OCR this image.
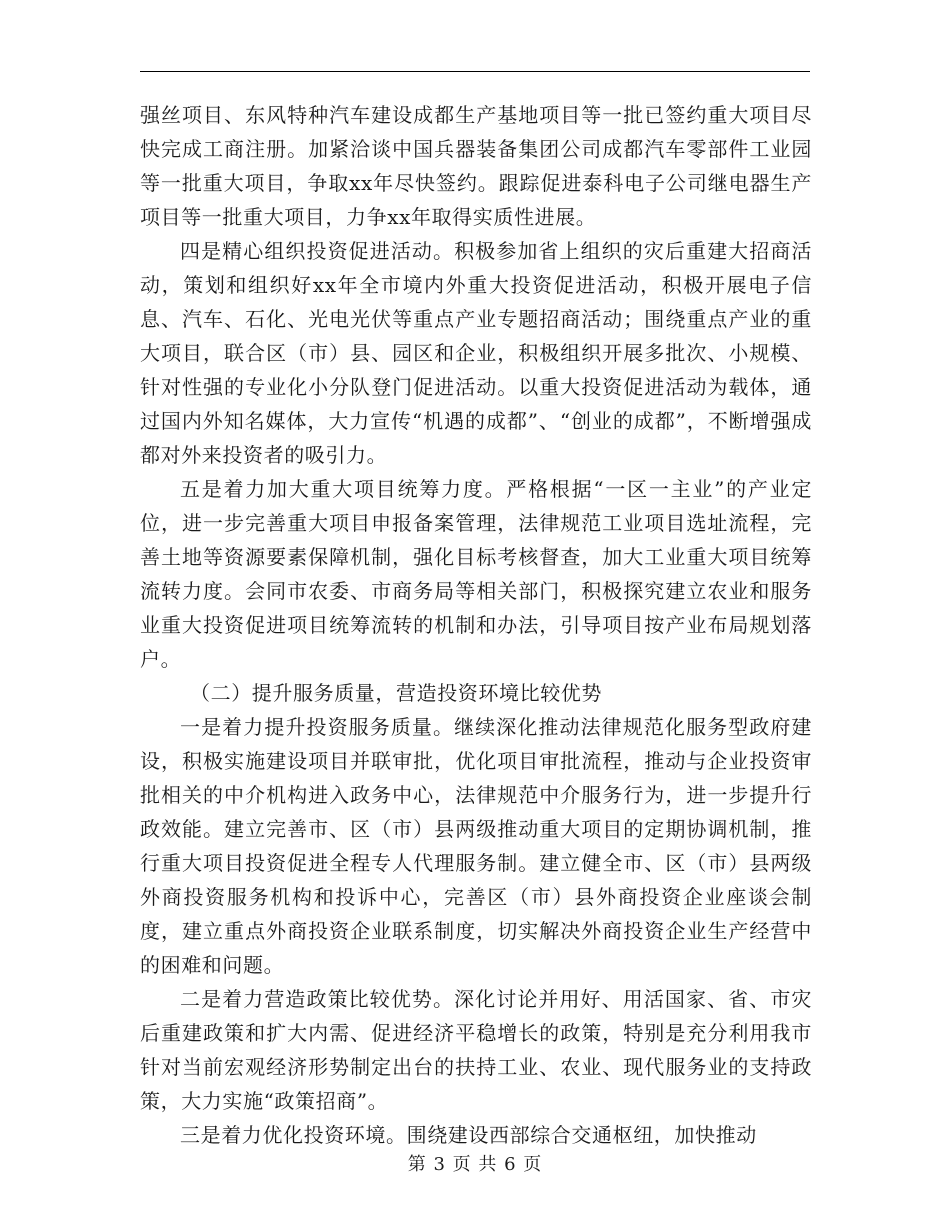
强丝项目、东风特种汽车建设成都生产基地项目等一批已签约重大项目尽快完成工商注册。加紧洽谈中国兵器装备集团公司成都汽车零部件工业园等一批重大项目，争取xx年尽快签约。跟踪促进泰科电子公司继电器生产项目等一批重大项目，力争xx年取得实质性进展。

四是精心组织投资促进活动。积极参加省上组织的灾后重建大招商活动，策划和组织好xx年全市境内外重大投资促进活动，积极开展电子信息、汽车、石化、光电光伏等重点产业专题招商活动；围绕重点产业的重大项目，联合区（市）县、园区和企业，积极组织开展多批次、小规模、针对性强的专业化小分队登门促进活动。以重大投资促进活动为载体，通过国内外知名媒体，大力宣传“机遇的成都”、“创业的成都”，不断增强成都对外来投资者的吸引力。

五是着力加大重大项目统筹力度。严格根据“一区一主业”的产业定位，进一步完善重大项目申报备案管理，法律规范工业项目选址流程，完善土地等资源要素保障机制，强化目标考核督查，加大工业重大项目统筹流转力度。会同市农委、市商务局等相关部门，积极探究建立农业和服务业重大投资促进项目统筹流转的机制和办法，引导项目按产业布局规划落户。

（二）提升服务质量，营造投资环境比较优势

一是着力提升投资服务质量。继续深化推动法律规范化服务型政府建设，积极实施建设项目并联审批，优化项目审批流程，推动与企业投资审批相关的中介机构进入政务中心，法律规范中介服务行为，进一步提升行政效能。建立完善市、区（市）县两级推动重大项目的定期协调机制，推行重大项目投资促进全程专人代理服务制。建立健全市、区（市）县两级外商投资服务机构和投诉中心，完善区（市）县外商投资企业座谈会制度，建立重点外商投资企业联系制度，切实解决外商投资企业生产经营中的困难和问题。

二是着力营造政策比较优势。深化讨论并用好、用活国家、省、市灾后重建政策和扩大内需、促进经济平稳增长的政策，特别是充分利用我市针对当前宏观经济形势制定出台的扶持工业、农业、现代服务业的支持政策，大力实施“政策招商”。

三是着力优化投资环境。围绕建设西部综合交通枢纽，加快推动

第 3 页 共 6 页
